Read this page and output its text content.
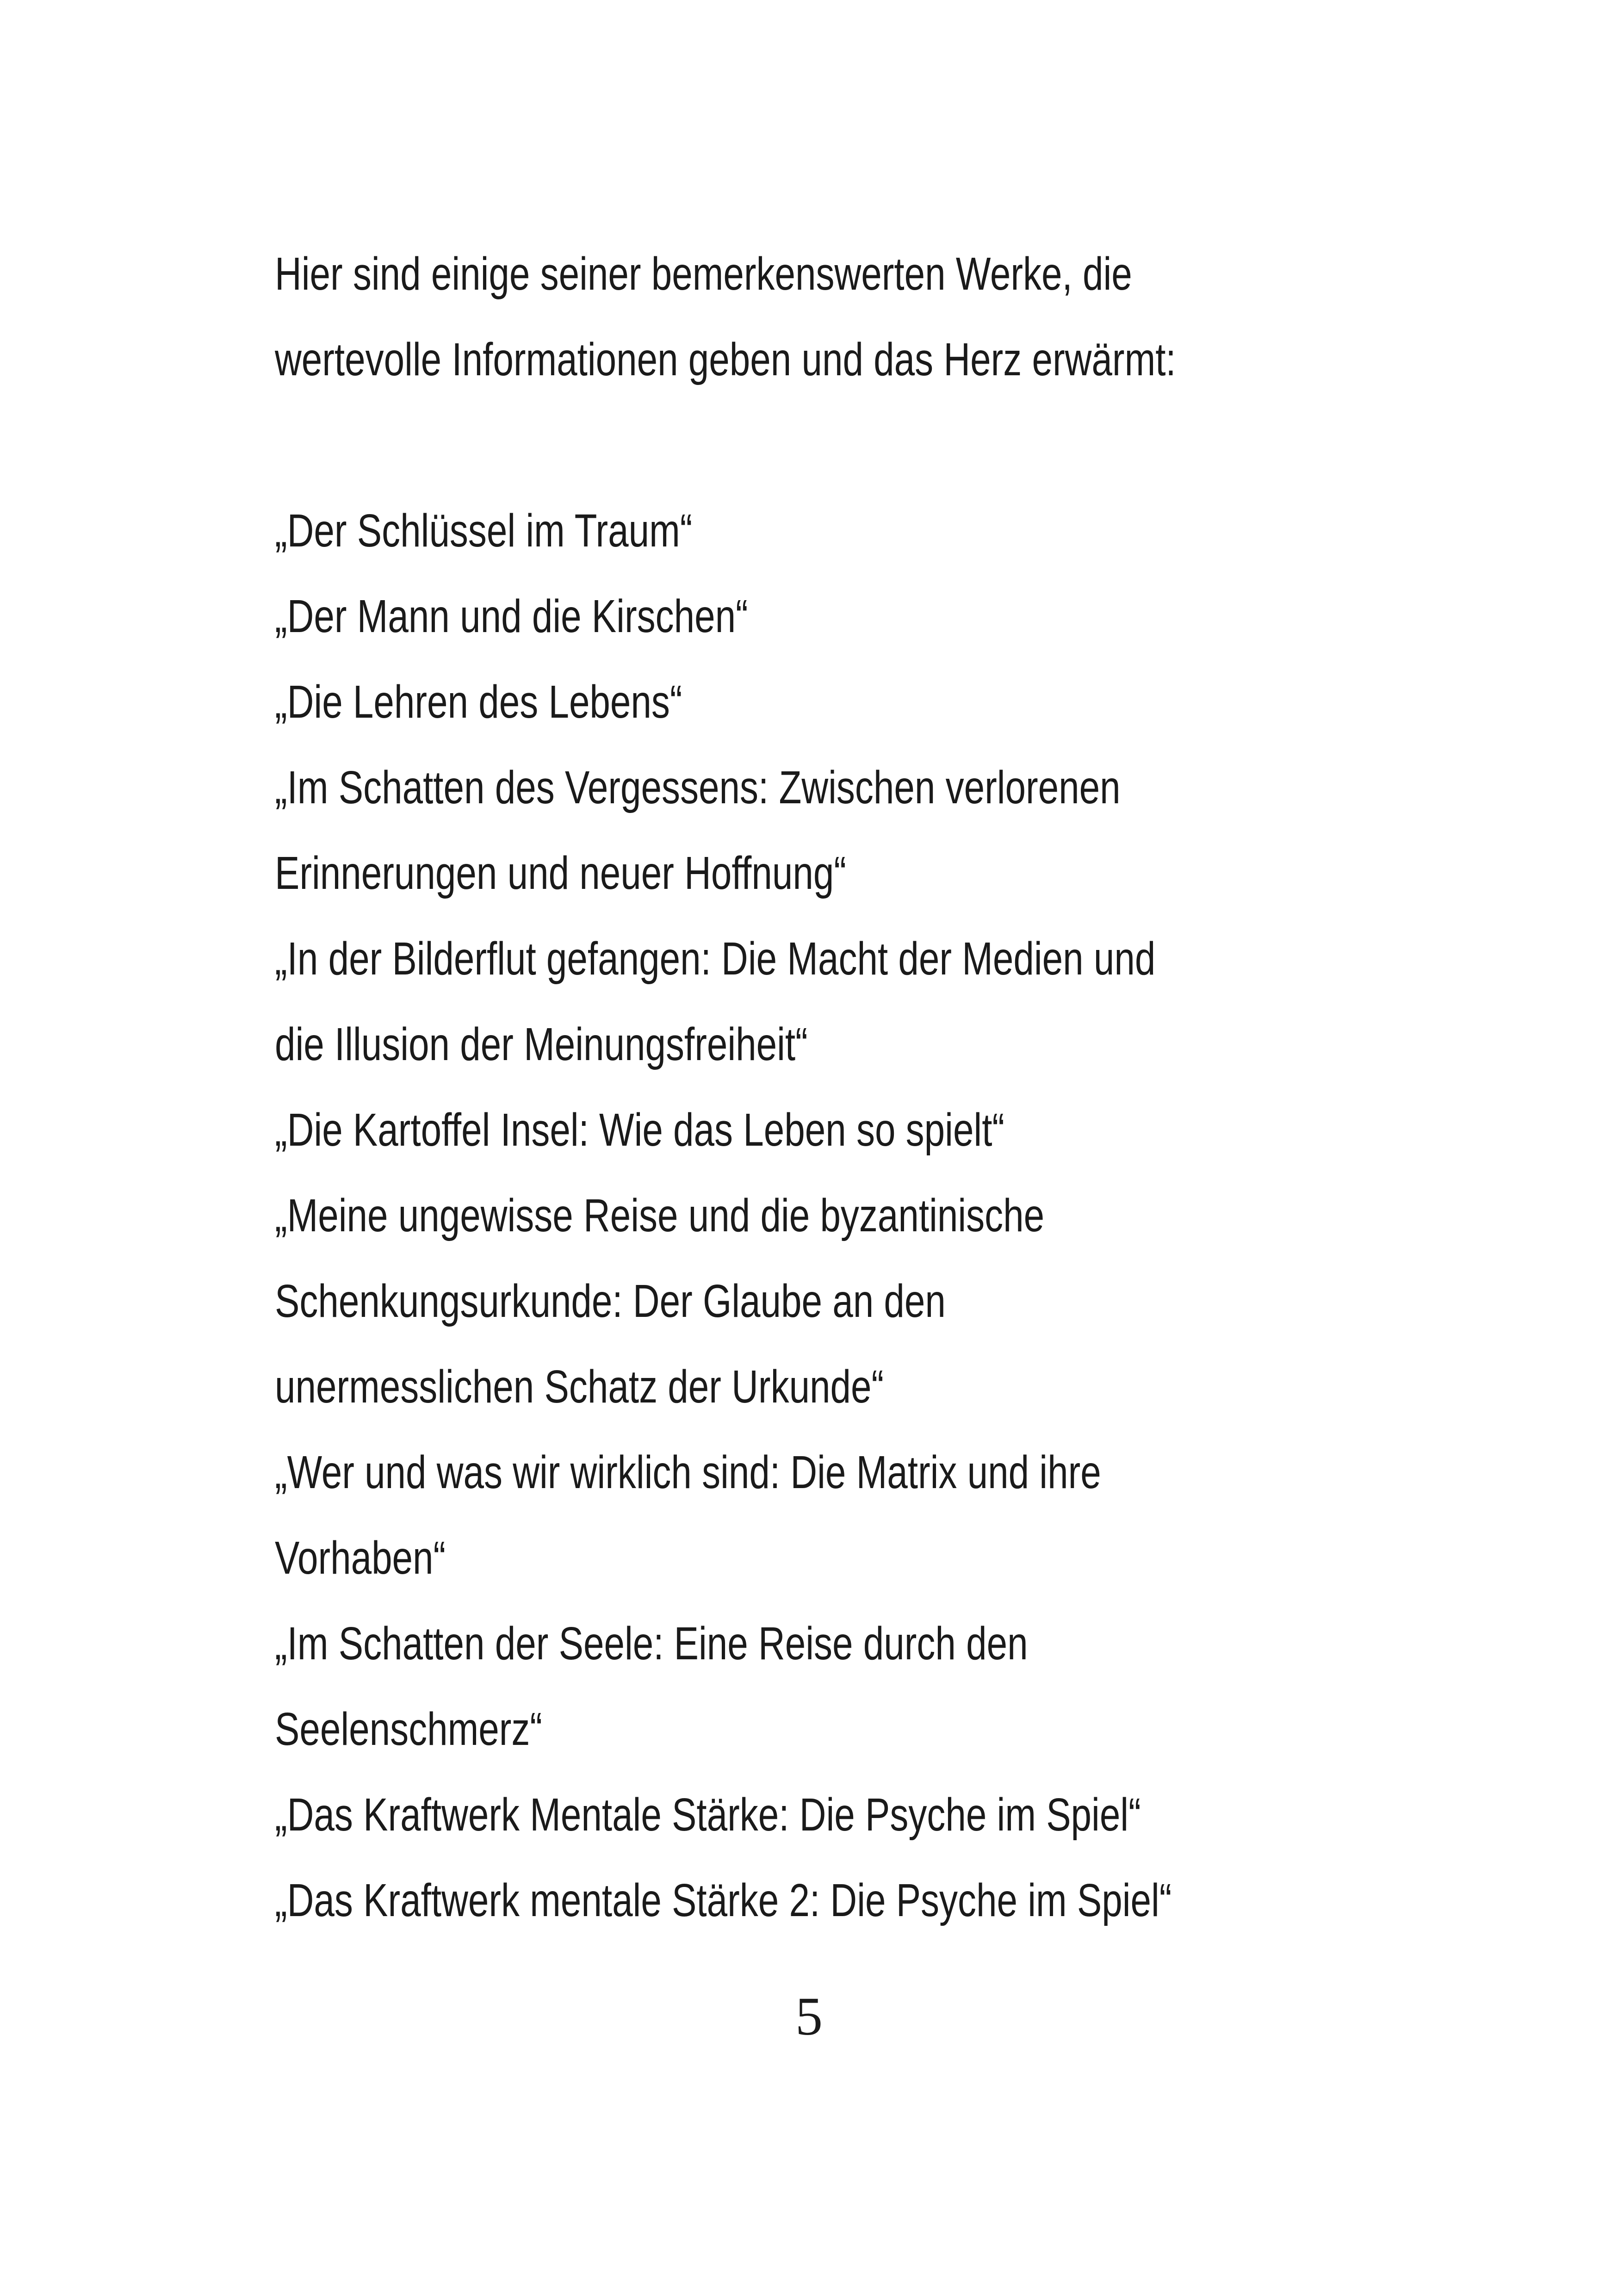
Hier sind einige seiner bemerkenswerten Werke, die
wertevolle Informationen geben und das Herz erwärmt:
„Der Schlüssel im Traum“
„Der Mann und die Kirschen“
„Die Lehren des Lebens“
„Im Schatten des Vergessens: Zwischen verlorenen
Erinnerungen und neuer Hoffnung“
„In der Bilderflut gefangen: Die Macht der Medien und
die Illusion der Meinungsfreiheit“
„Die Kartoffel Insel: Wie das Leben so spielt“
„Meine ungewisse Reise und die byzantinische
Schenkungsurkunde: Der Glaube an den
unermesslichen Schatz der Urkunde“
„Wer und was wir wirklich sind: Die Matrix und ihre
Vorhaben“
„Im Schatten der Seele: Eine Reise durch den
Seelenschmerz“
„Das Kraftwerk Mentale Stärke: Die Psyche im Spiel“
„Das Kraftwerk mentale Stärke 2: Die Psyche im Spiel“
5
